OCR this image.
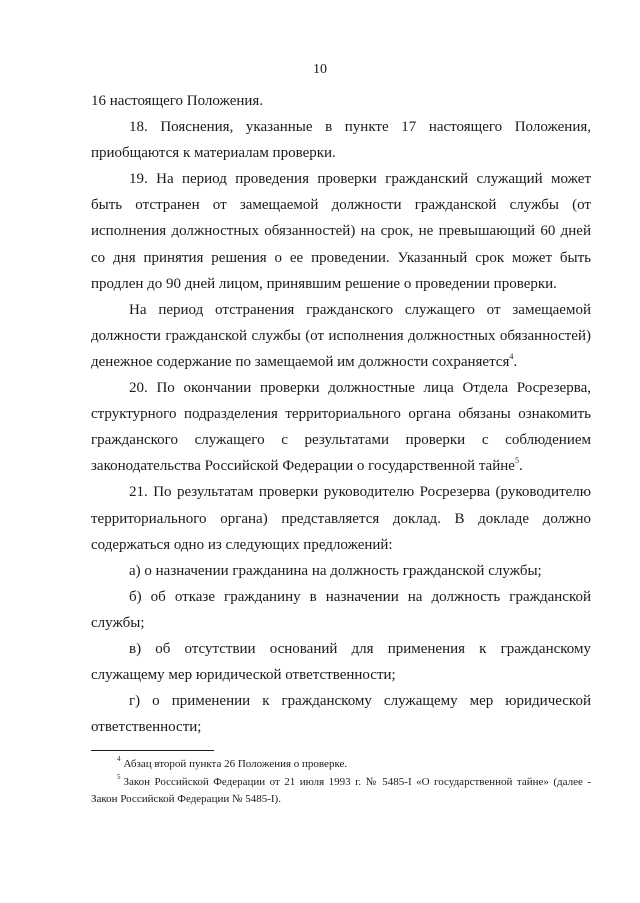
10

16 настоящего Положения.

18. Пояснения, указанные в пункте 17 настоящего Положения, приобщаются к материалам проверки.

19. На период проведения проверки гражданский служащий может быть отстранен от замещаемой должности гражданской службы (от исполнения должностных обязанностей) на срок, не превышающий 60 дней со дня принятия решения о ее проведении. Указанный срок может быть продлен до 90 дней лицом, принявшим решение о проведении проверки.

На период отстранения гражданского служащего от замещаемой должности гражданской службы (от исполнения должностных обязанностей) денежное содержание по замещаемой им должности сохраняется$^4$.

20. По окончании проверки должностные лица Отдела Росрезерва, структурного подразделения территориального органа обязаны ознакомить гражданского служащего с результатами проверки с соблюдением законодательства Российской Федерации о государственной тайне$^5$.

21. По результатам проверки руководителю Росрезерва (руководителю территориального органа) представляется доклад. В докладе должно содержаться одно из следующих предложений:

а) о назначении гражданина на должность гражданской службы;

б) об отказе гражданину в назначении на должность гражданской службы;

в) об отсутствии оснований для применения к гражданскому служащему мер юридической ответственности;

г) о применении к гражданскому служащему мер юридической ответственности;

$^4$ Абзац второй пункта 26 Положения о проверке.

$^5$ Закон Российской Федерации от 21 июля 1993 г. № 5485-I «О государственной тайне» (далее - Закон Российской Федерации № 5485-I).
